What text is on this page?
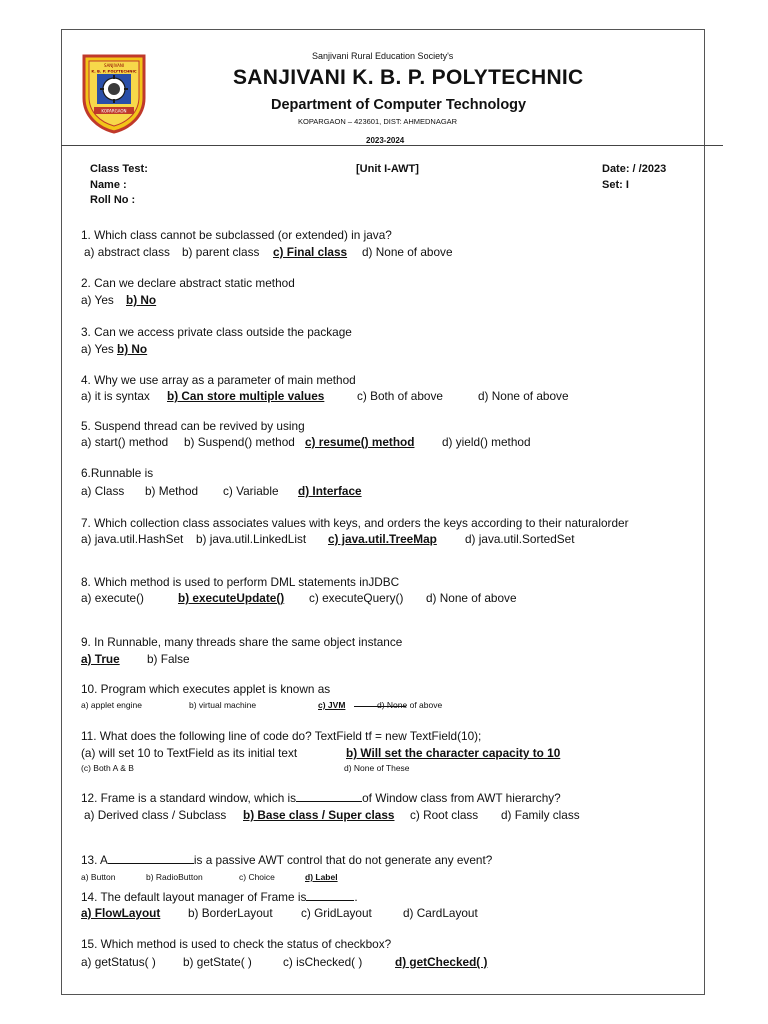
SANJIVANI
K. B. P. POLYTECHNIC
KOPARGAON
Sanjivani Rural Education Society's
SANJIVANI K. B. P. POLYTECHNIC
Department of Computer Technology
KOPARGAON – 423601, DIST: AHMEDNAGAR
2023-2024
Class Test:
Name :
Roll No :
[Unit I-AWT]	Date: / /2023
Set: I
1. Which class cannot be subclassed (or extended) in java?
a) abstract class b) parent class c) Final class d) None of above
2. Can we declare abstract static method
a) Yes b) No
3. Can we access private class outside the package
a) Yes b) No
4. Why we use array as a parameter of main method
a) it is syntax b) Can store multiple values	c) Both of above	d) None of above
5. Suspend thread can be revived by using
a) start() method b) Suspend() method c) resume() method d) yield() method
6.Runnable is
a) Class b) Method c) Variable d) Interface
7. Which collection class associates values with keys, and orders the keys according to their naturalorder
a) java.util.HashSet b) java.util.LinkedList c) java.util.TreeMap d) java.util.SortedSet
8. Which method is used to perform DML statements inJDBC
a) execute()	b) executeUpdate() c) executeQuery() d) None of above
9. In Runnable, many threads share the same object instance
a) True b) False
10. Program which executes applet is known as
a) applet engine	b) virtual machine	c) JVM	d) None of above
11. What does the following line of code do? TextField tf = new TextField(10);
(a) will set 10 to TextField as its initial text	b) Will set the character capacity to 10
(c) Both A & B	d) None of These
12. Frame is a standard window, which is	of Window class from AWT hierarchy?
a) Derived class / Subclass b) Base class / Super class c) Root class d) Family class
13. A	is a passive AWT control that do not generate any event?
a) Button	b) RadioButton	c) Choice	d) Label
14. The default layout manager of Frame is	.
a) FlowLayout b) BorderLayout c) GridLayout	d) CardLayout
15. Which method is used to check the status of checkbox?
a) getStatus( ) b) getState( )	c) isChecked( )	d) getChecked( )
